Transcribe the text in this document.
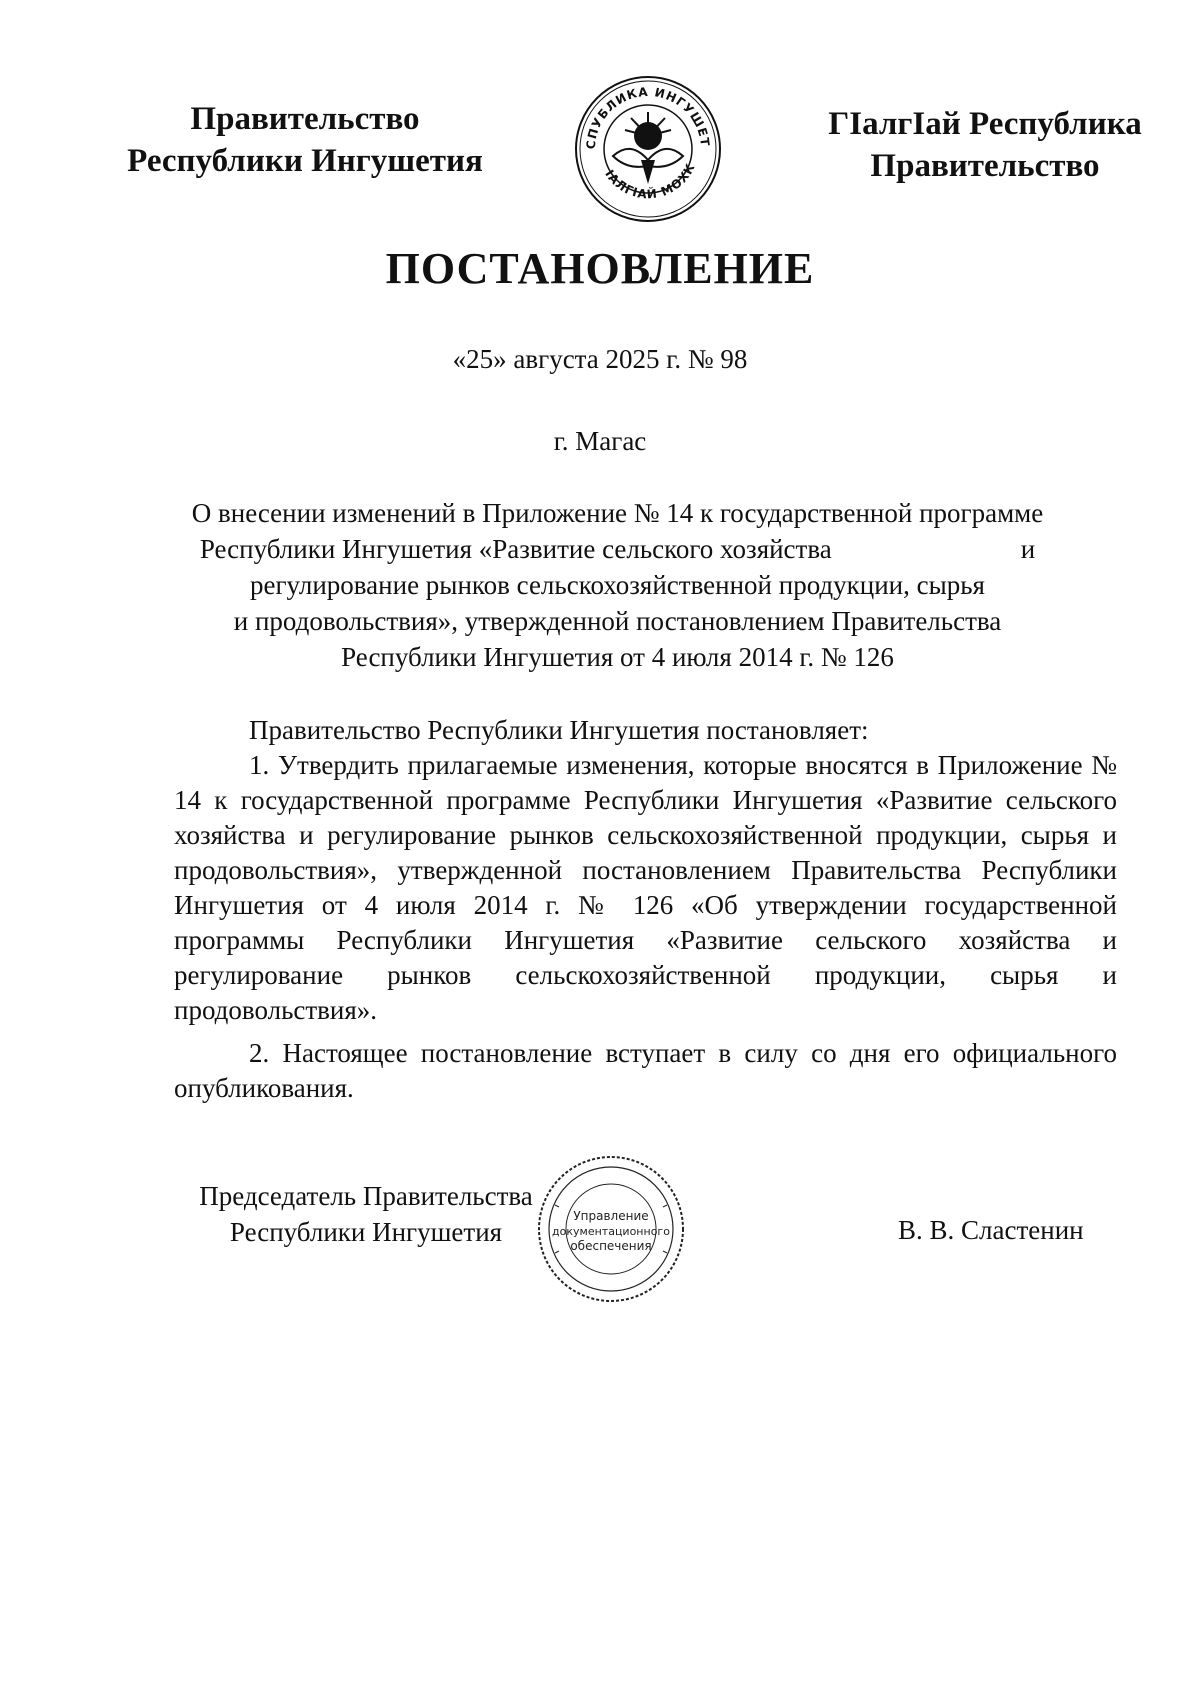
Правительство
Республики Ингушетия	СПУБЛИКА ИНГУШЕТ
IАЛГIАЙ МОХК
ГIалгIай Республика
Правительство
ПОСТАНОВЛЕНИЕ
«25» августа 2025 г. № 98
г. Магас
О внесении изменений в Приложение № 14 к государственной программе
Республики Ингушетия «Развитие сельского хозяйства                            и
регулирование рынков сельскохозяйственной продукции, сырья
и продовольствия», утвержденной постановлением Правительства
Республики Ингушетия от 4 июля 2014 г. № 126
Правительство Республики Ингушетия постановляет:
1. Утвердить прилагаемые изменения, которые вносятся в Приложение № 14 к государственной программе Республики Ингушетия «Развитие сельского хозяйства и регулирование рынков сельскохозяйственной продукции, сырья и продовольствия», утвержденной постановлением Правительства Республики Ингушетия от 4 июля 2014 г. № 126 «Об утверждении государственной программы Республики Ингушетия «Развитие сельского хозяйства и регулирование рынков сельскохозяйственной продукции, сырья и продовольствия».
2. Настоящее постановление вступает в силу со дня его официального опубликования.
Председатель Правительства
Республики Ингушетия
Управление
документационного
обеспечения
В. В. Сластенин
